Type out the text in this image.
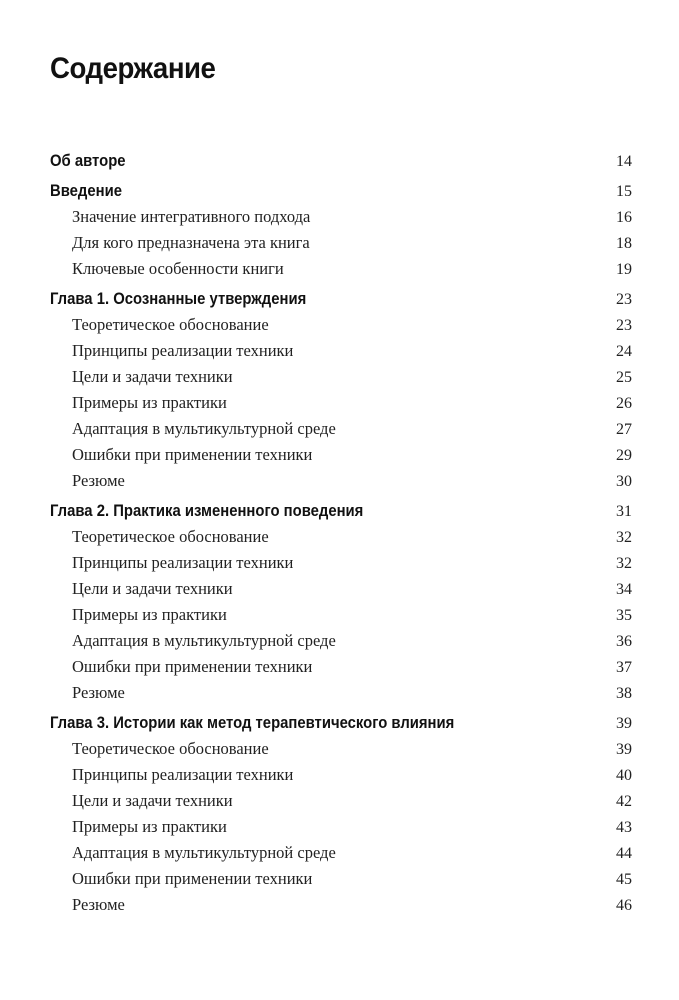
Содержание
Об авторе	14
Введение	15
Значение интегративного подхода	16
Для кого предназначена эта книга	18
Ключевые особенности книги	19
Глава 1. Осознанные утверждения	23
Теоретическое обоснование	23
Принципы реализации техники	24
Цели и задачи техники	25
Примеры из практики	26
Адаптация в мультикультурной среде	27
Ошибки при применении техники	29
Резюме	30
Глава 2. Практика измененного поведения	31
Теоретическое обоснование	32
Принципы реализации техники	32
Цели и задачи техники	34
Примеры из практики	35
Адаптация в мультикультурной среде	36
Ошибки при применении техники	37
Резюме	38
Глава 3. Истории как метод терапевтического влияния	39
Теоретическое обоснование	39
Принципы реализации техники	40
Цели и задачи техники	42
Примеры из практики	43
Адаптация в мультикультурной среде	44
Ошибки при применении техники	45
Резюме	46
